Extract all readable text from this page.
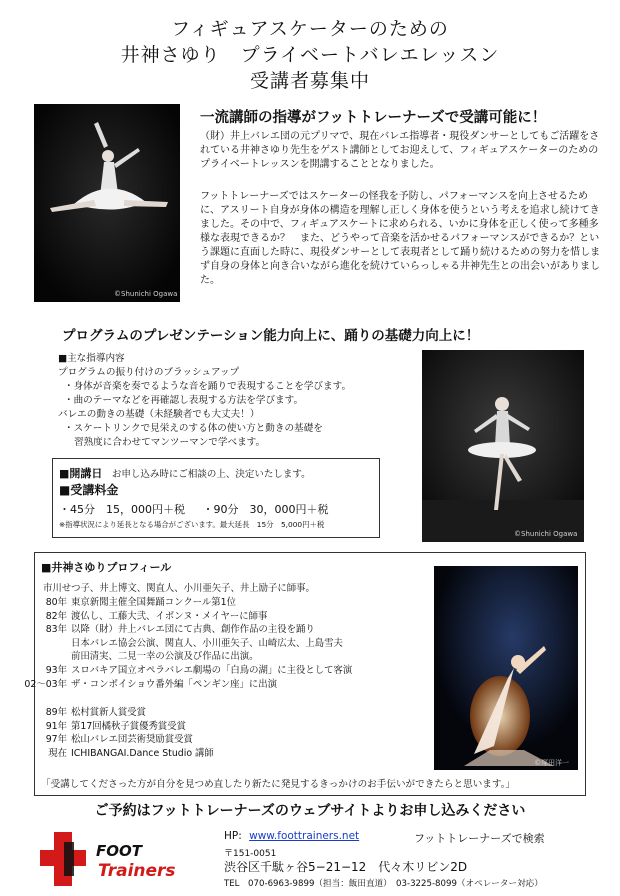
フィギュアスケーターのための
井神さゆり　プライベートバレエレッスン
受講者募集中
©Shunichi Ogawa
一流講師の指導がフットトレーナーズで受講可能に！
（財）井上バレエ団の元プリマで、現在バレエ指導者・現役ダンサーとしてもご活躍をされている井神さゆり先生をゲスト講師としてお迎えして、フィギュアスケーターのためのプライベートレッスンを開講することとなりました。
フットトレーナーズではスケーターの怪我を予防し、パフォーマンスを向上させるために、アスリート自身が身体の構造を理解し正しく身体を使うという考えを追求し続けてきました。その中で、フィギュアスケートに求められる、いかに身体を正しく使って多種多様な表現できるか？　また、どうやって音楽を活かせるパフォーマンスができるか？という課題に直面した時に、現役ダンサーとして表現者として踊り続けるための努力を惜しまず自身の身体と向き合いながら進化を続けていらっしゃる井神先生との出会いがありました。
プログラムのプレゼンテーション能力向上に、踊りの基礎力向上に！
■主な指導内容
プログラムの振り付けのブラッシュアップ
・身体が音楽を奏でるような音を踊りで表現することを学びます。
・曲のテーマなどを再確認し表現する方法を学びます。
バレエの動きの基礎（未経験者でも大丈夫！）
・スケートリンクで見栄えのする体の使い方と動きの基礎を
習熟度に合わせてマンツーマンで学べます。
©Shunichi Ogawa
■開講日 お申し込み時にご相談の上、決定いたします。
■受講料金
・45分　15，000円＋税 ・90分　30，000円＋税
※指導状況により延長となる場合がございます。最大延長　15分　5,000円＋税
■井神さゆりプロフィール
市川せつ子、井上博文、関直人、小川亜矢子、井上励子に師事。
80年 東京新聞主催全国舞踊コンクール第1位
82年 渡仏し、工藤大弐、イボンヌ・メイヤーに師事
83年 以降（財）井上バレエ団にて古典、創作作品の主役を踊り
日本バレエ協会公演、関直人、小川亜矢子、山崎広太、上島雪夫
前田清実、二見一幸の公演及び作品に出演。
93年 スロバキア国立オペラバレエ劇場の「白鳥の湖」に主役として客演
02～03年 ザ・コンボイショウ番外編「ペンギン座」に出演
89年 松村賞新人賞受賞
91年 第17回橘秋子賞優秀賞受賞
97年 松山バレエ団芸術奨励賞受賞
現在 ICHIBANGAI.Dance Studio 講師
「受講してくださった方が自分を見つめ直したり新たに発見するきっかけのお手伝いができたらと思います。」
©塚田洋一
ご予約はフットトレーナーズのウェブサイトよりお申し込みください
FOOT
Trainers
HP: www.foottrainers.net	フットトレーナーズで検索
〒151-0051
渋谷区千駄ヶ谷5−21−12　代々木リビン2D
TEL　070-6963-9899（担当：飯田直道）　03-3225-8099（オペレーター対応）
